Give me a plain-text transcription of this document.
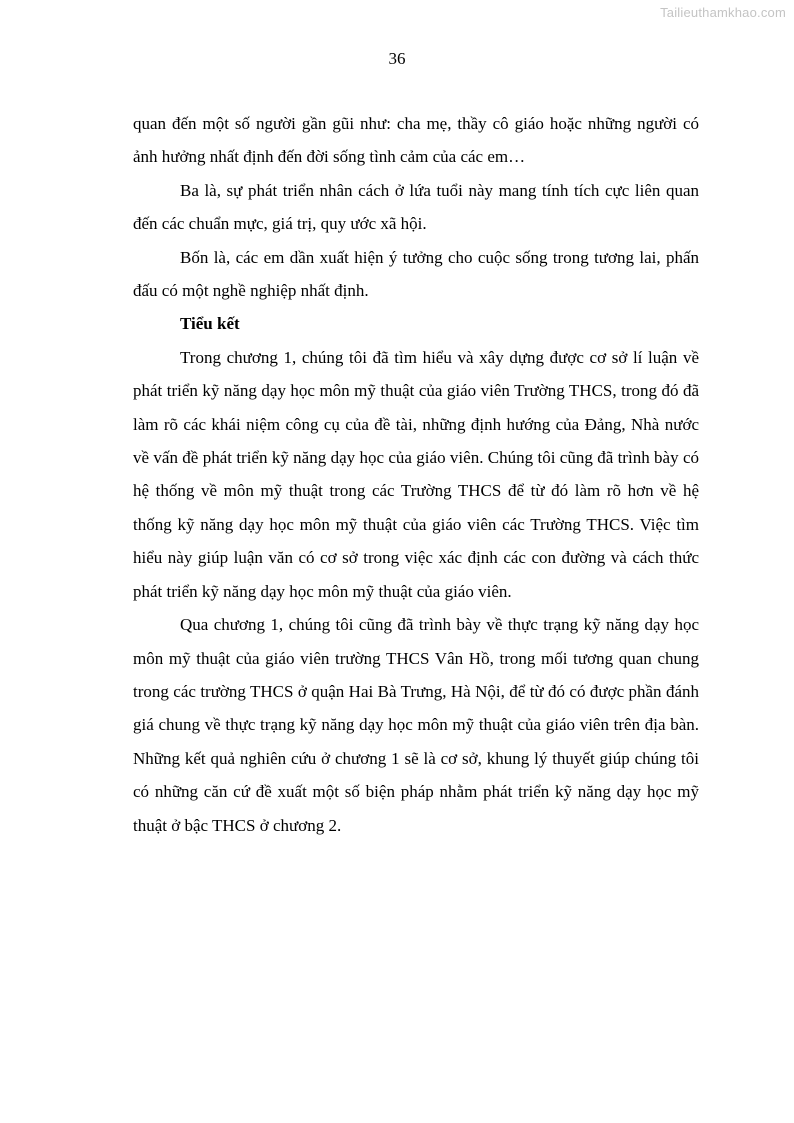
Tailieuthamkhao.com
36

quan đến một số người gần gũi như: cha mẹ, thầy cô giáo hoặc những người có ảnh hưởng nhất định đến đời sống tình cảm của các em…

Ba là, sự phát triển nhân cách ở lứa tuổi này mang tính tích cực liên quan đến các chuẩn mực, giá trị, quy ước xã hội.

Bốn là, các em dần xuất hiện ý tưởng cho cuộc sống trong tương lai, phấn đấu có một nghề nghiệp nhất định.

Tiểu kết

Trong chương 1, chúng tôi đã tìm hiểu và xây dựng được cơ sở lí luận về phát triển kỹ năng dạy học môn mỹ thuật của giáo viên Trường THCS, trong đó đã làm rõ các khái niệm công cụ của đề tài, những định hướng của Đảng, Nhà nước về vấn đề phát triển kỹ năng dạy học của giáo viên. Chúng tôi cũng đã trình bày có hệ thống về môn mỹ thuật trong các Trường THCS để từ đó làm rõ hơn về hệ thống kỹ năng dạy học môn mỹ thuật của giáo viên các Trường THCS. Việc tìm hiểu này giúp luận văn có cơ sở trong việc xác định các con đường và cách thức phát triển kỹ năng dạy học môn mỹ thuật của giáo viên.

Qua chương 1, chúng tôi cũng đã trình bày về thực trạng kỹ năng dạy học môn mỹ thuật của giáo viên trường THCS Vân Hồ, trong mối tương quan chung trong các trường THCS ở quận Hai Bà Trưng, Hà Nội, để từ đó có được phần đánh giá chung về thực trạng kỹ năng dạy học môn mỹ thuật của giáo viên trên địa bàn. Những kết quả nghiên cứu ở chương 1 sẽ là cơ sở, khung lý thuyết giúp chúng tôi có những căn cứ đề xuất một số biện pháp nhằm phát triển kỹ năng dạy học mỹ thuật ở bậc THCS ở chương 2.
